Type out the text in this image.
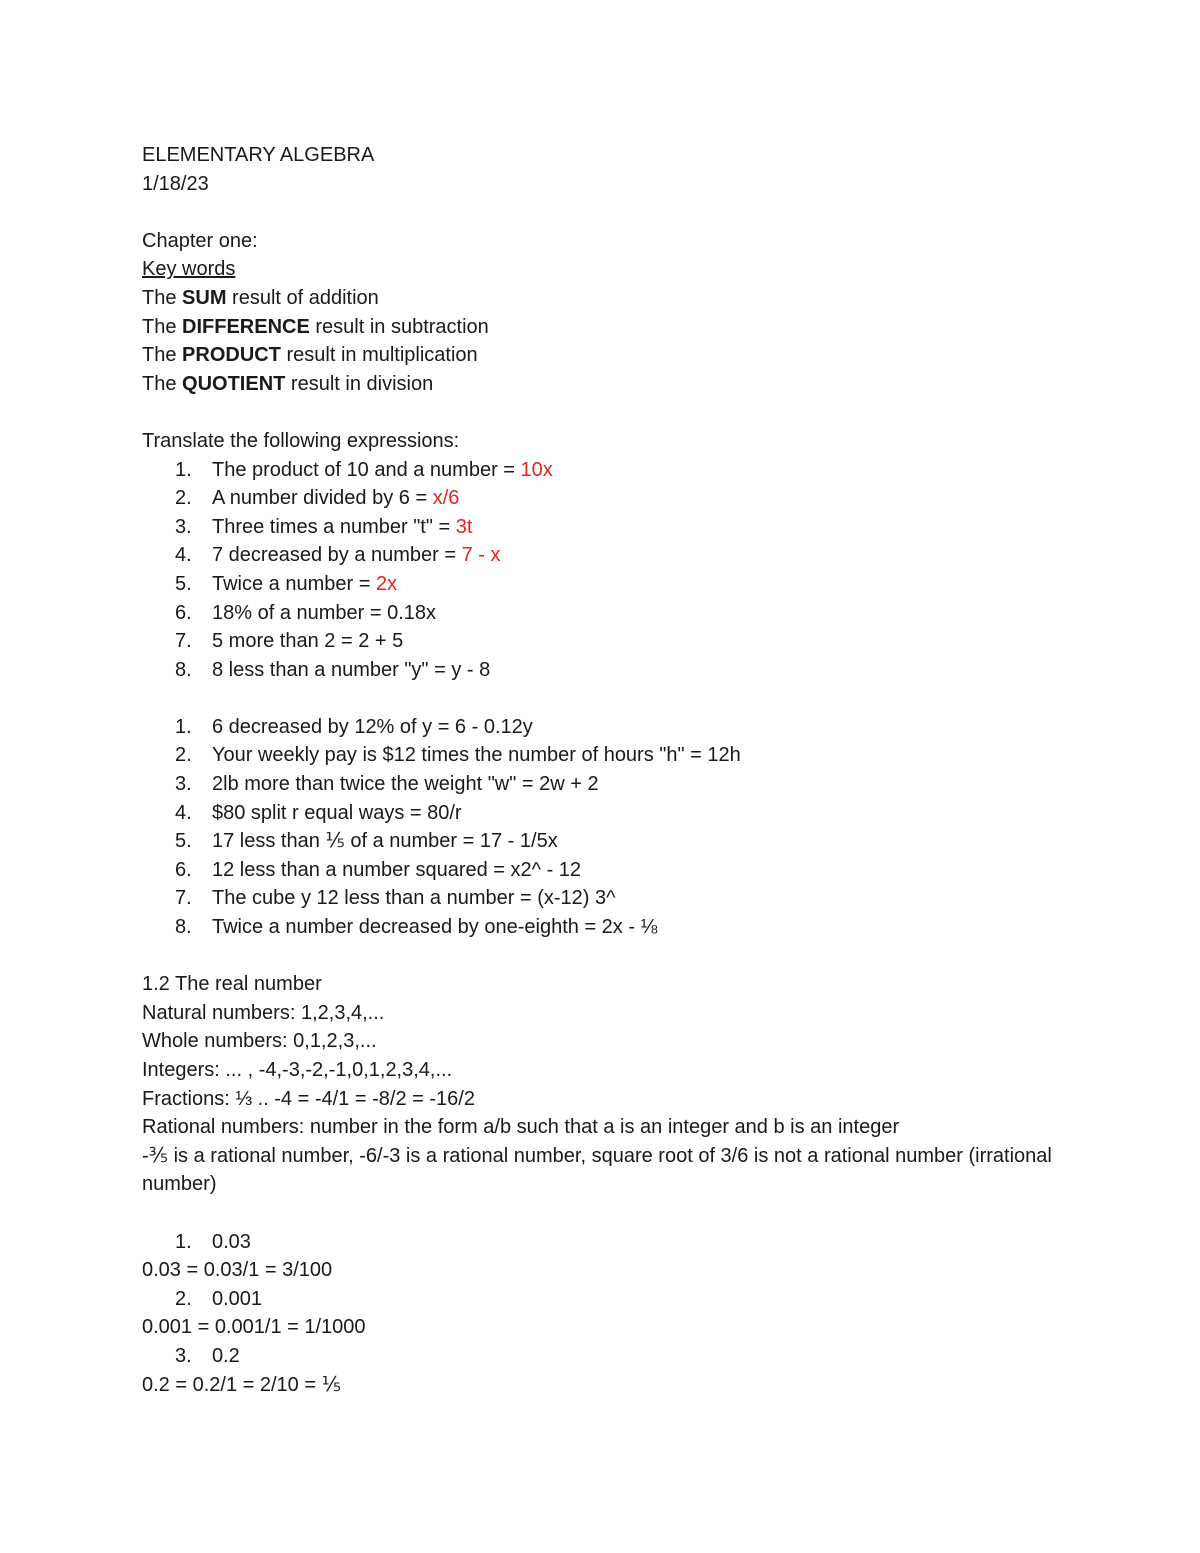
ELEMENTARY ALGEBRA
1/18/23
Chapter one:
Key words
The SUM result of addition
The DIFFERENCE result in subtraction
The PRODUCT result in multiplication
The QUOTIENT result in division
Translate the following expressions:
1. The product of 10 and a number = 10x
2. A number divided by 6 = x/6
3. Three times a number "t" = 3t
4. 7 decreased by a number = 7 - x
5. Twice a number = 2x
6. 18% of a number = 0.18x
7. 5 more than 2 = 2 + 5
8. 8 less than a number "y" = y - 8
1. 6 decreased by 12% of y = 6 - 0.12y
2. Your weekly pay is $12 times the number of hours "h" = 12h
3. 2lb more than twice the weight "w" = 2w + 2
4. $80 split r equal ways = 80/r
5. 17 less than ⅕ of a number = 17 - 1/5x
6. 12 less than a number squared = x2^ - 12
7. The cube y 12 less than a number = (x-12) 3^
8. Twice a number decreased by one-eighth = 2x - ⅛
1.2 The real number
Natural numbers: 1,2,3,4,...
Whole numbers: 0,1,2,3,...
Integers: ... , -4,-3,-2,-1,0,1,2,3,4,...
Fractions: ⅓ .. -4 = -4/1 = -8/2 = -16/2
Rational numbers: number in the form a/b such that a is an integer and b is an integer
-⅗ is a rational number, -6/-3 is a rational number, square root of 3/6 is not a rational number (irrational number)
1. 0.03
0.03 = 0.03/1 = 3/100
2. 0.001
0.001 = 0.001/1 = 1/1000
3. 0.2
0.2 = 0.2/1 = 2/10 = ⅕
